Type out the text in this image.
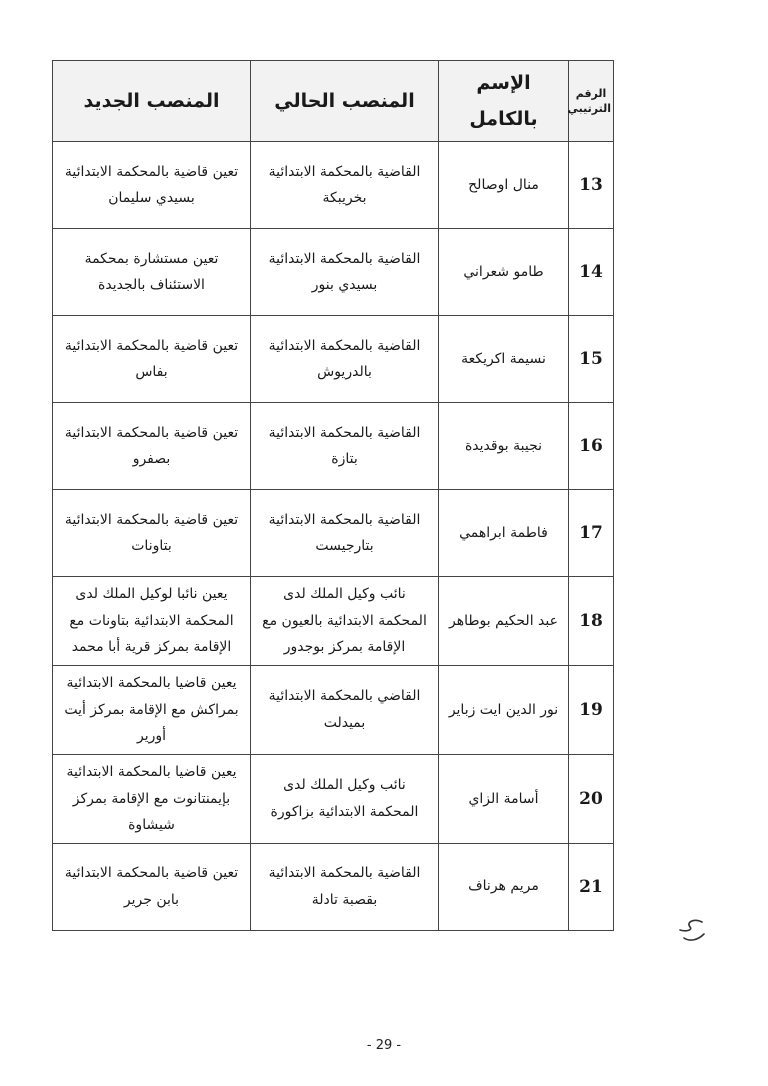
الرقم الترتيبي	الإسم بالكامل	المنصب الحالي	المنصب الجديد
13	منال اوصالح	القاضية بالمحكمة الابتدائية بخريبكة	تعين قاضية بالمحكمة الابتدائية بسيدي سليمان
14	طامو شعراني	القاضية بالمحكمة الابتدائية بسيدي بنور	تعين مستشارة بمحكمة الاستئناف بالجديدة
15	نسيمة اكريكعة	القاضية بالمحكمة الابتدائية بالدريوش	تعين قاضية بالمحكمة الابتدائية بفاس
16	نجيبة بوقديدة	القاضية بالمحكمة الابتدائية بتازة	تعين قاضية بالمحكمة الابتدائية بصفرو
17	فاطمة ابراهمي	القاضية بالمحكمة الابتدائية بتارجيست	تعين قاضية بالمحكمة الابتدائية بتاونات
18	عبد الحكيم بوطاهر	نائب وكيل الملك لدى المحكمة الابتدائية بالعيون مع الإقامة بمركز بوجدور	يعين نائبا لوكيل الملك لدى المحكمة الابتدائية بتاونات مع الإقامة بمركز قرية أبا محمد
19	نور الدين ايت زباير	القاضي بالمحكمة الابتدائية بميدلت	يعين قاضيا بالمحكمة الابتدائية بمراكش مع الإقامة بمركز أيت أورير
20	أسامة الزاي	نائب وكيل الملك لدى المحكمة الابتدائية بزاكورة	يعين قاضيا بالمحكمة الابتدائية بإيمنتانوت مع الإقامة بمركز شيشاوة
21	مريم هرناف	القاضية بالمحكمة الابتدائية بقصبة تادلة	تعين قاضية بالمحكمة الابتدائية بابن جرير
- 29 -
